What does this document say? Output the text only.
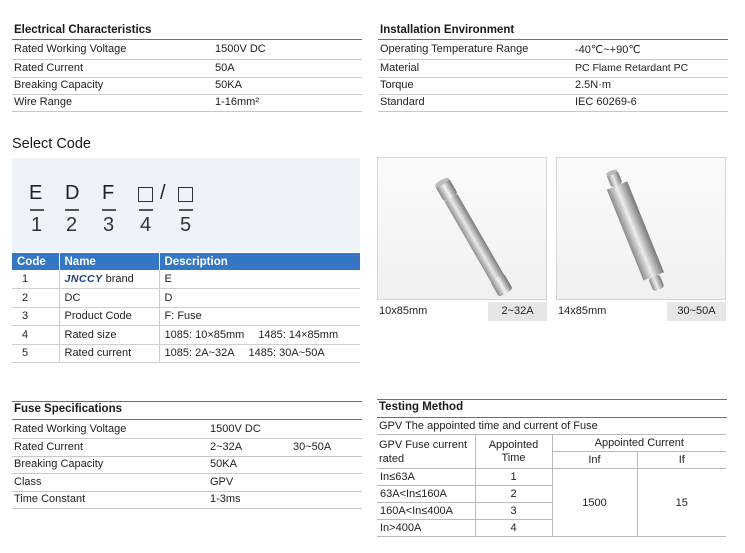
Electrical Characteristics
Rated Working Voltage	1500V DC
Rated Current	50A
Breaking Capacity	50KA
Wire Range	1-16mm²
Installation Environment
Operating Temperature Range	-40℃~+90℃
Material	PC Flame Retardant PC
Torque	2.5N·m
Standard	IEC 60269-6
Select Code
E D F /
1 2 3 4 5
Code	Name	Description
1	JNCCY brand	E
2	DC	D
3	Product Code	F: Fuse
4	Rated size	1085: 10×85mm 1485: 14×85mm
5	Rated current	1085: 2A~32A 1485: 30A~50A
10x85mm	2~32A	14x85mm	30~50A
Fuse Specifications
Rated Working Voltage	1500V DC
Rated Current	2~32A	30~50A
Breaking Capacity	50KA
Class	GPV
Time Constant	1-3ms
Testing Method
GPV The appointed time and current of Fuse
GPV Fuse current rated	Appointed Time	Appointed Current	
		Inf	If
In≤63A	1	1500	15
63A<In≤160A	2		
160A<In≤400A	3		
In>400A	4		
